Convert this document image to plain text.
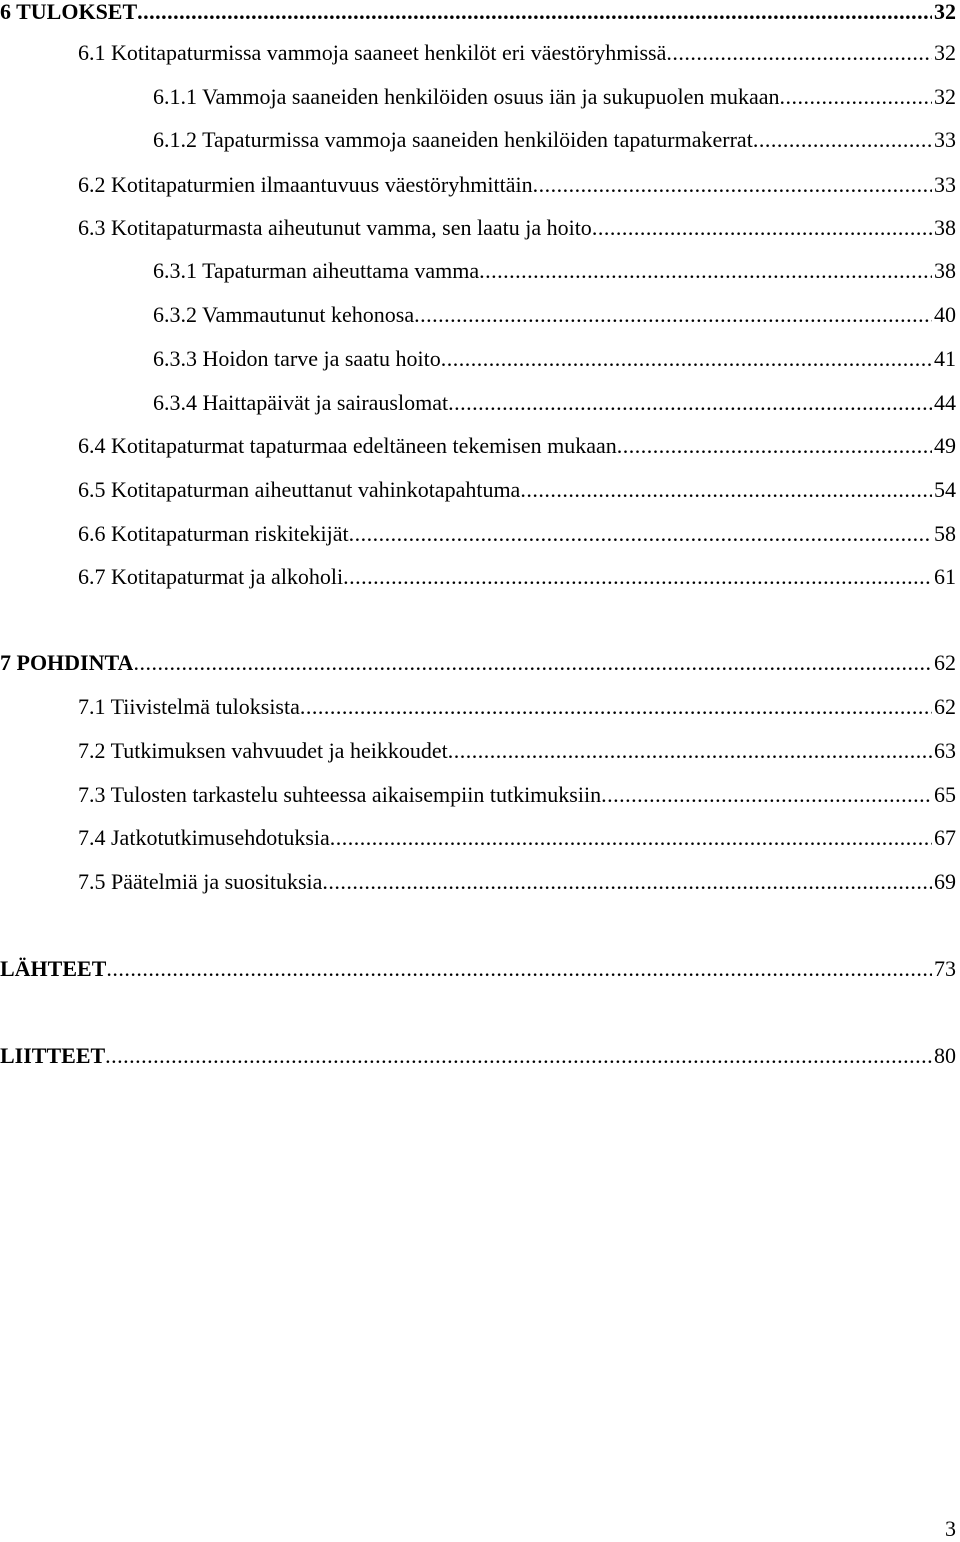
6 TULOKSET .....	32
6.1 Kotitapaturmissa vammoja saaneet henkilöt eri väestöryhmissä .....	32
6.1.1 Vammoja saaneiden henkilöiden osuus iän ja sukupuolen mukaan .....	32
6.1.2 Tapaturmissa vammoja saaneiden henkilöiden tapaturmakerrat .....	33
6.2 Kotitapaturmien ilmaantuvuus väestöryhmittäin .....	33
6.3 Kotitapaturmasta aiheutunut vamma, sen laatu ja hoito .....	38
6.3.1 Tapaturman aiheuttama vamma .....	38
6.3.2 Vammautunut kehonosa .....	40
6.3.3 Hoidon tarve ja saatu hoito .....	41
6.3.4 Haittapäivät ja sairauslomat .....	44
6.4 Kotitapaturmat tapaturmaa edeltäneen tekemisen mukaan .....	49
6.5 Kotitapaturman aiheuttanut vahinkotapahtuma .....	54
6.6 Kotitapaturman riskitekijät .....	58
6.7 Kotitapaturmat ja alkoholi .....	61
7 POHDINTA .....	62
7.1 Tiivistelmä tuloksista .....	62
7.2 Tutkimuksen vahvuudet ja heikkoudet .....	63
7.3 Tulosten tarkastelu suhteessa aikaisempiin tutkimuksiin .....	65
7.4 Jatkotutkimusehdotuksia .....	67
7.5 Päätelmiä ja suosituksia .....	69
LÄHTEET .....	73
LIITTEET .....	80
3
